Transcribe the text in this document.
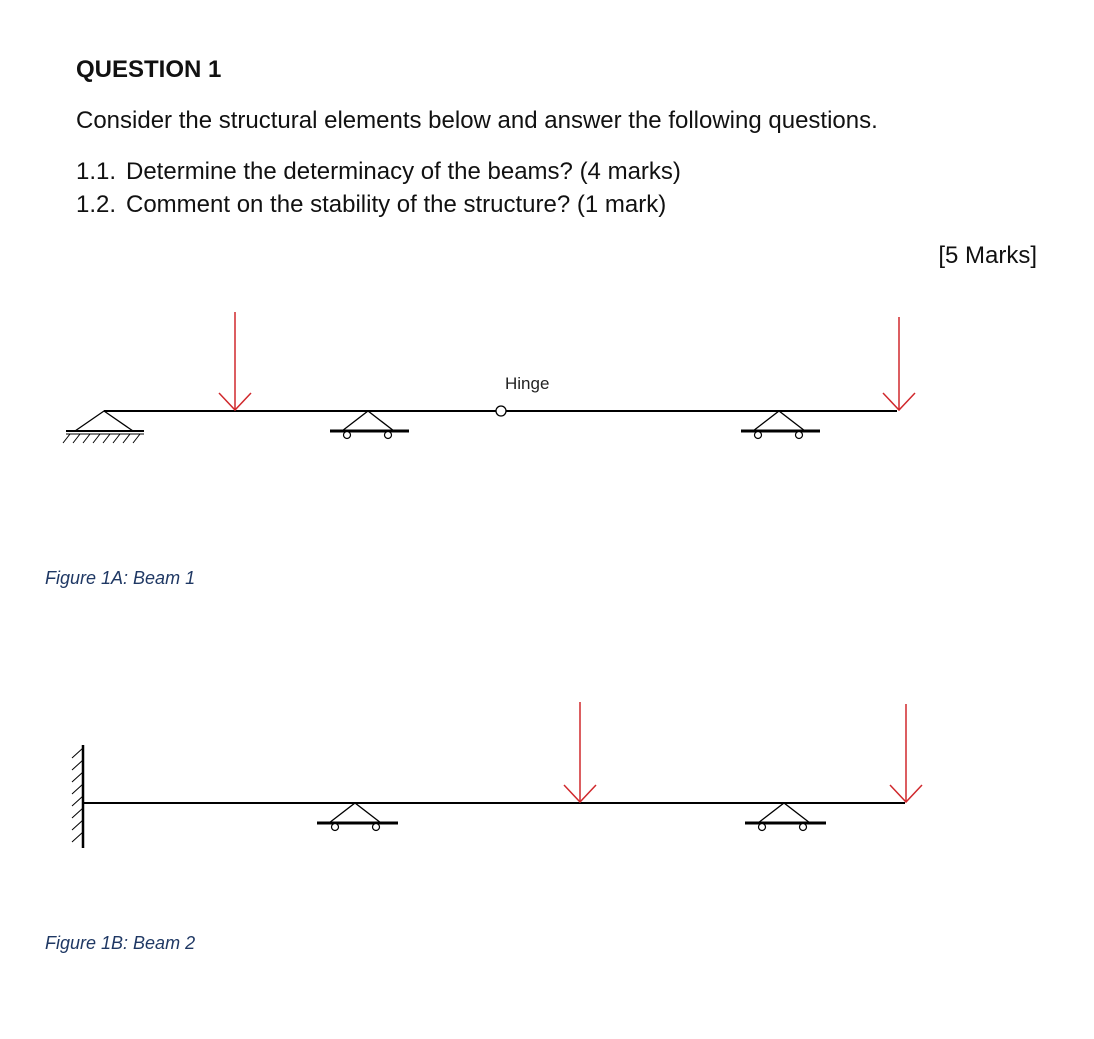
QUESTION 1
Consider the structural elements below and answer the following questions.
1.1. Determine the determinacy of the beams? (4 marks)
1.2. Comment on the stability of the structure? (1 mark)
[5 Marks]
Hinge
Figure 1A: Beam 1
Figure 1B: Beam 2
